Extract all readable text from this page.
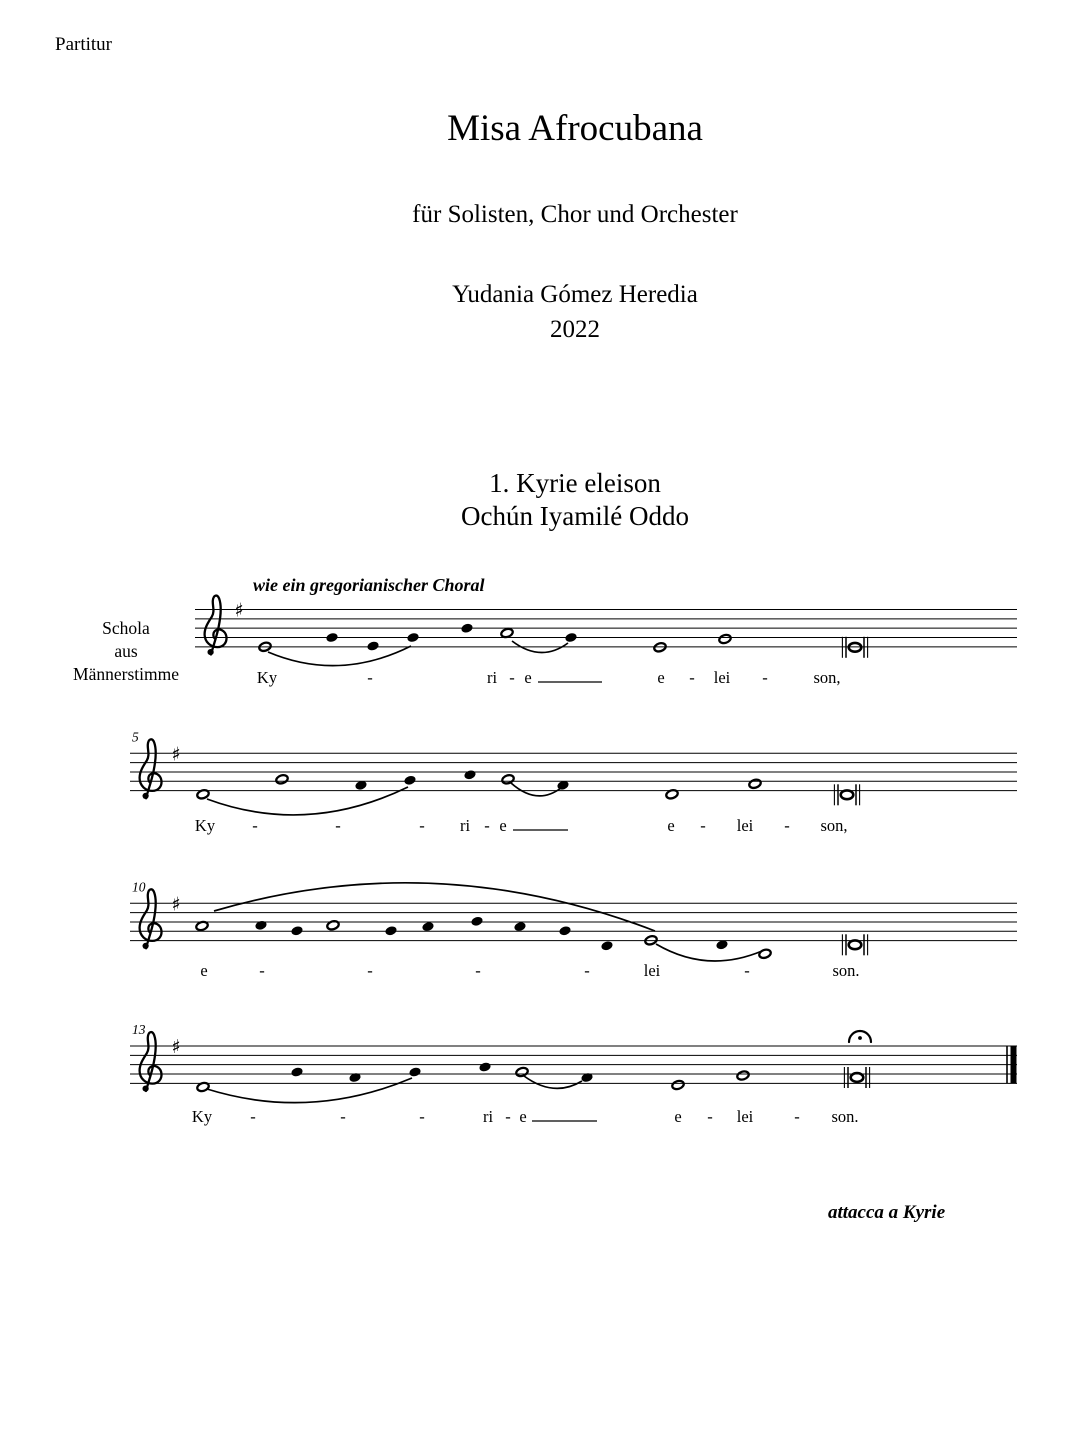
Partitur
Misa Afrocubana
für Solisten, Chor und Orchester
Yudania Gómez Heredia
2022
1. Kyrie eleison
Ochún Iyamilé Oddo
wie ein gregorianischer Choral
Schola
aus
Männerstimme
♯
Ky	-	ri - e	e - lei -	son,
5
♯
Ky -	-	- ri - e	e - lei - son,
10
♯
e	-	-	-	-	lei	-	son.
13
♯
Ky -	-	-	ri - e	e - lei - son.
attacca a Kyrie
